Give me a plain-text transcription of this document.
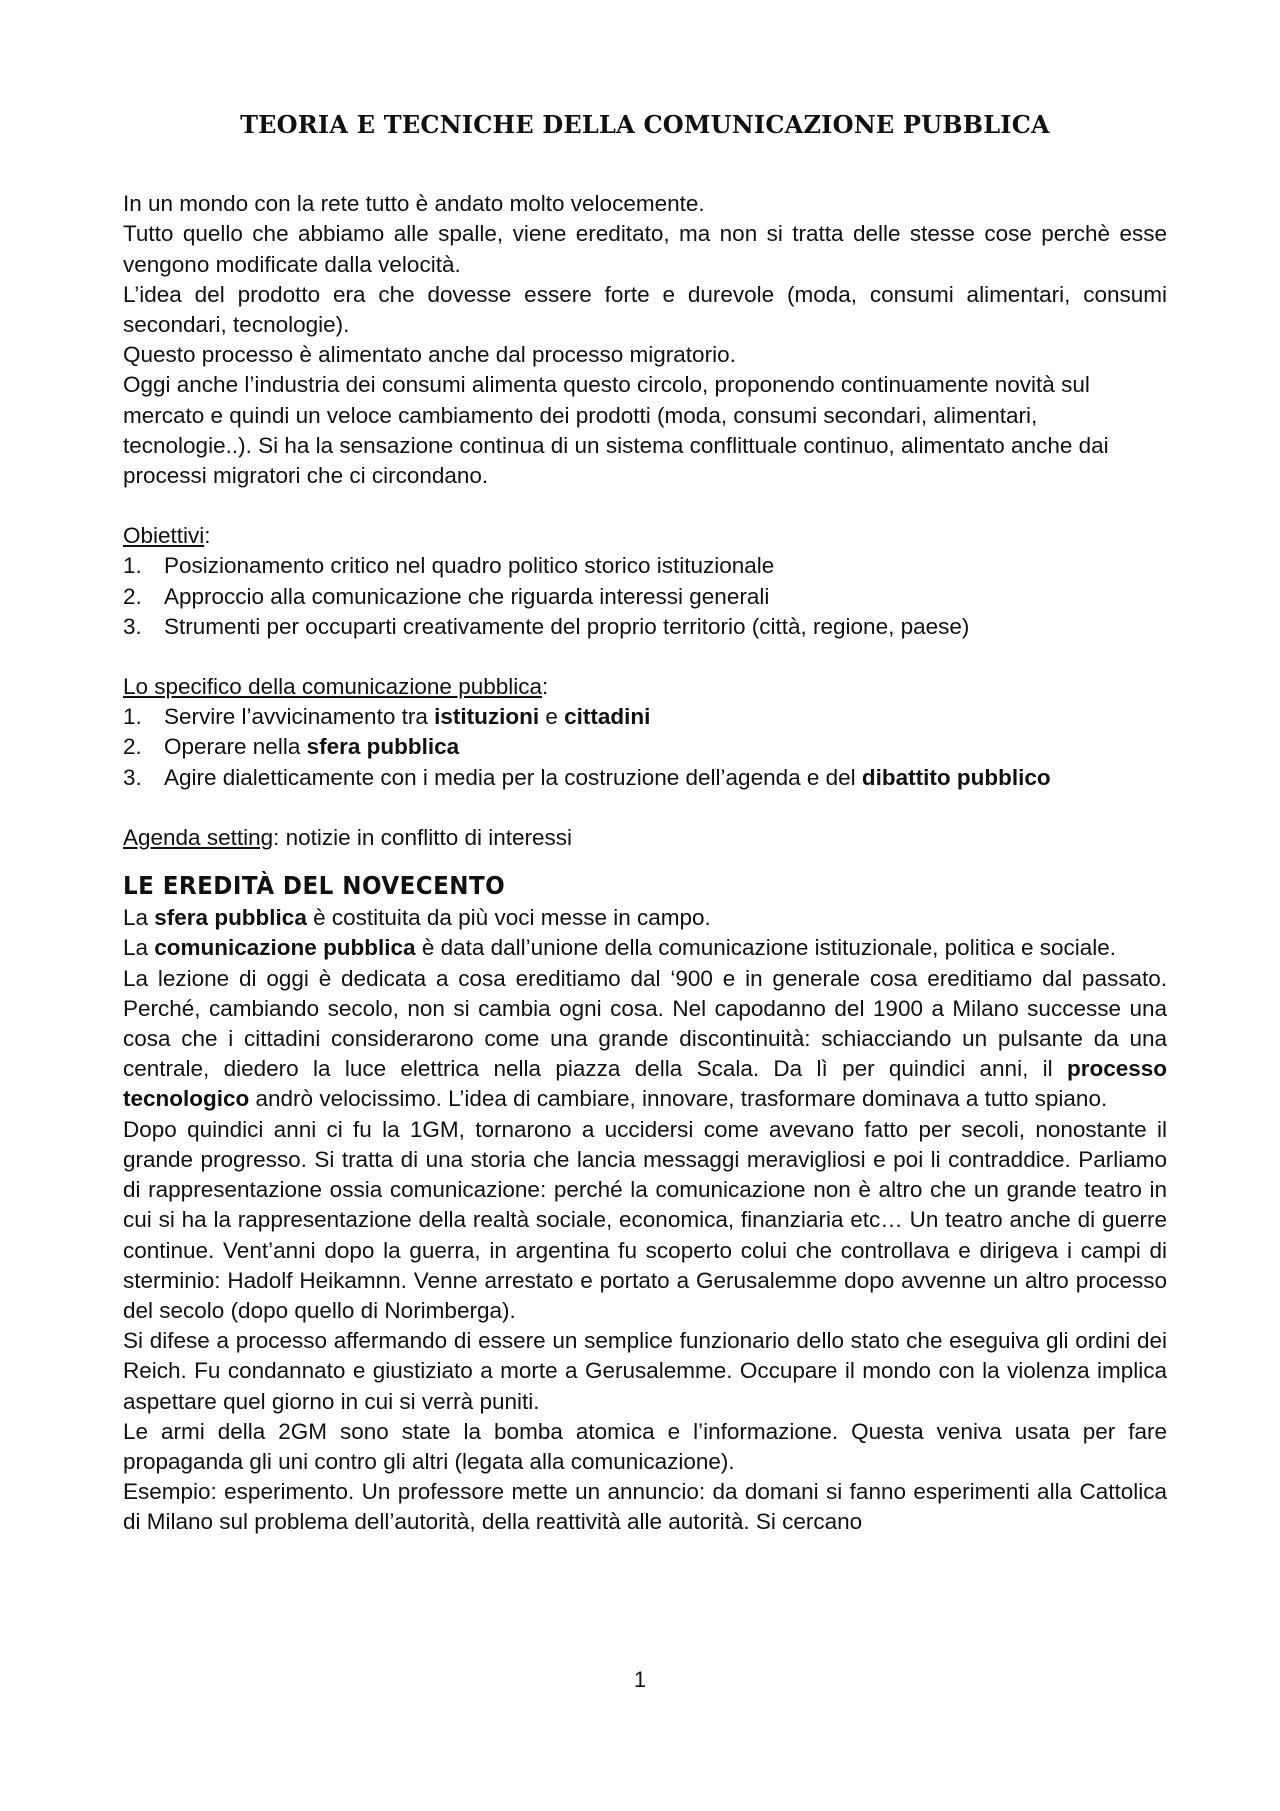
TEORIA E TECNICHE DELLA COMUNICAZIONE PUBBLICA

In un mondo con la rete tutto è andato molto velocemente.

Tutto quello che abbiamo alle spalle, viene ereditato, ma non si tratta delle stesse cose perchè esse vengono modificate dalla velocità.

L’idea del prodotto era che dovesse essere forte e durevole (moda, consumi alimentari, consumi secondari, tecnologie).

Questo processo è alimentato anche dal processo migratorio.

Oggi anche l’industria dei consumi alimenta questo circolo, proponendo continuamente novità sul mercato e quindi un veloce cambiamento dei prodotti (moda, consumi secondari, alimentari, tecnologie..). Si ha la sensazione continua di un sistema conflittuale continuo, alimentato anche dai processi migratori che ci circondano.

Obiettivi:

1. Posizionamento critico nel quadro politico storico istituzionale
2. Approccio alla comunicazione che riguarda interessi generali
3. Strumenti per occuparti creativamente del proprio territorio (città, regione, paese)

Lo specifico della comunicazione pubblica:

1. Servire l’avvicinamento tra istituzioni e cittadini
2. Operare nella sfera pubblica
3. Agire dialetticamente con i media per la costruzione dell’agenda e del dibattito pubblico

Agenda setting: notizie in conflitto di interessi

LE EREDITÀ DEL NOVECENTO

La sfera pubblica è costituita da più voci messe in campo.

La comunicazione pubblica è data dall’unione della comunicazione istituzionale, politica e sociale.

La lezione di oggi è dedicata a cosa ereditiamo dal ‘900 e in generale cosa ereditiamo dal passato. Perché, cambiando secolo, non si cambia ogni cosa. Nel capodanno del 1900 a Milano successe una cosa che i cittadini considerarono come una grande discontinuità: schiacciando un pulsante da una centrale, diedero la luce elettrica nella piazza della Scala. Da lì per quindici anni, il processo tecnologico andrò velocissimo. L’idea di cambiare, innovare, trasformare dominava a tutto spiano.

Dopo quindici anni ci fu la 1GM, tornarono a uccidersi come avevano fatto per secoli, nonostante il grande progresso. Si tratta di una storia che lancia messaggi meravigliosi e poi li contraddice. Parliamo di rappresentazione ossia comunicazione: perché la comunicazione non è altro che un grande teatro in cui si ha la rappresentazione della realtà sociale, economica, finanziaria etc… Un teatro anche di guerre continue. Vent’anni dopo la guerra, in argentina fu scoperto colui che controllava e dirigeva i campi di sterminio: Hadolf Heikamnn. Venne arrestato e portato a Gerusalemme dopo avvenne un altro processo del secolo (dopo quello di Norimberga).

Si difese a processo affermando di essere un semplice funzionario dello stato che eseguiva gli ordini dei Reich. Fu condannato e giustiziato a morte a Gerusalemme. Occupare il mondo con la violenza implica aspettare quel giorno in cui si verrà puniti.

Le armi della 2GM sono state la bomba atomica e l’informazione. Questa veniva usata per fare propaganda gli uni contro gli altri (legata alla comunicazione).

Esempio: esperimento. Un professore mette un annuncio: da domani si fanno esperimenti alla Cattolica di Milano sul problema dell’autorità, della reattività alle autorità. Si cercano

1
